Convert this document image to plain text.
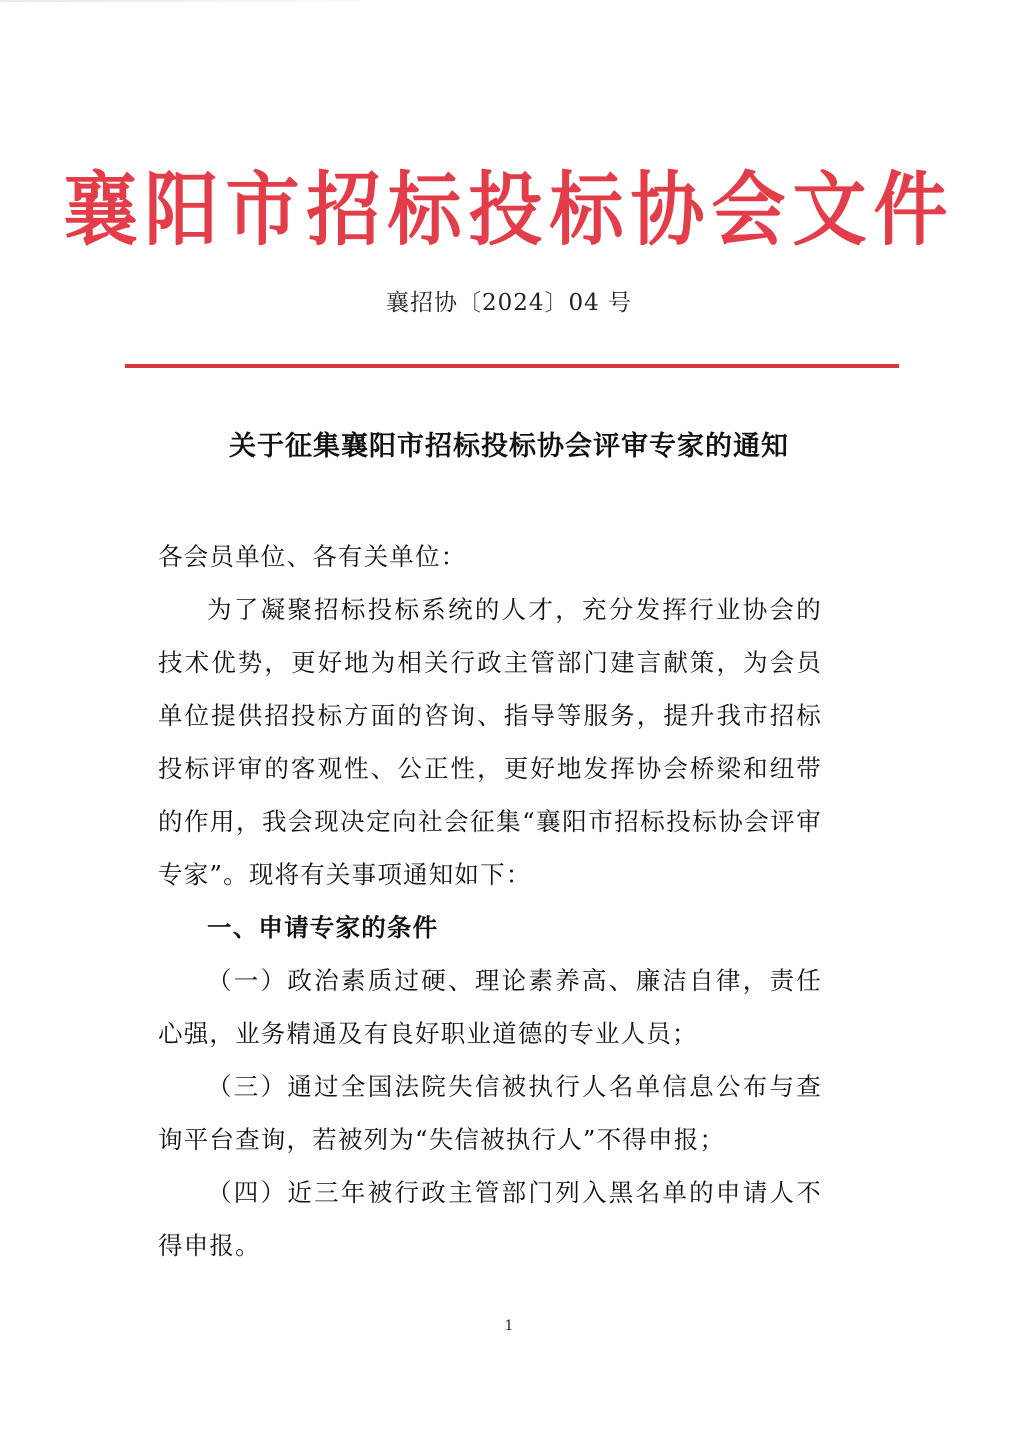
襄阳市招标投标协会文件
襄招协〔2024〕04 号
关于征集襄阳市招标投标协会评审专家的通知

各会员单位、各有关单位：

为了凝聚招标投标系统的人才，充分发挥行业协会的技术优势，更好地为相关行政主管部门建言献策，为会员单位提供招投标方面的咨询、指导等服务，提升我市招标投标评审的客观性、公正性，更好地发挥协会桥梁和纽带的作用，我会现决定向社会征集“襄阳市招标投标协会评审专家”。现将有关事项通知如下：

一、申请专家的条件

（一）政治素质过硬、理论素养高、廉洁自律，责任心强，业务精通及有良好职业道德的专业人员；

（三）通过全国法院失信被执行人名单信息公布与查询平台查询，若被列为“失信被执行人”不得申报；

（四）近三年被行政主管部门列入黑名单的申请人不得申报。

1
